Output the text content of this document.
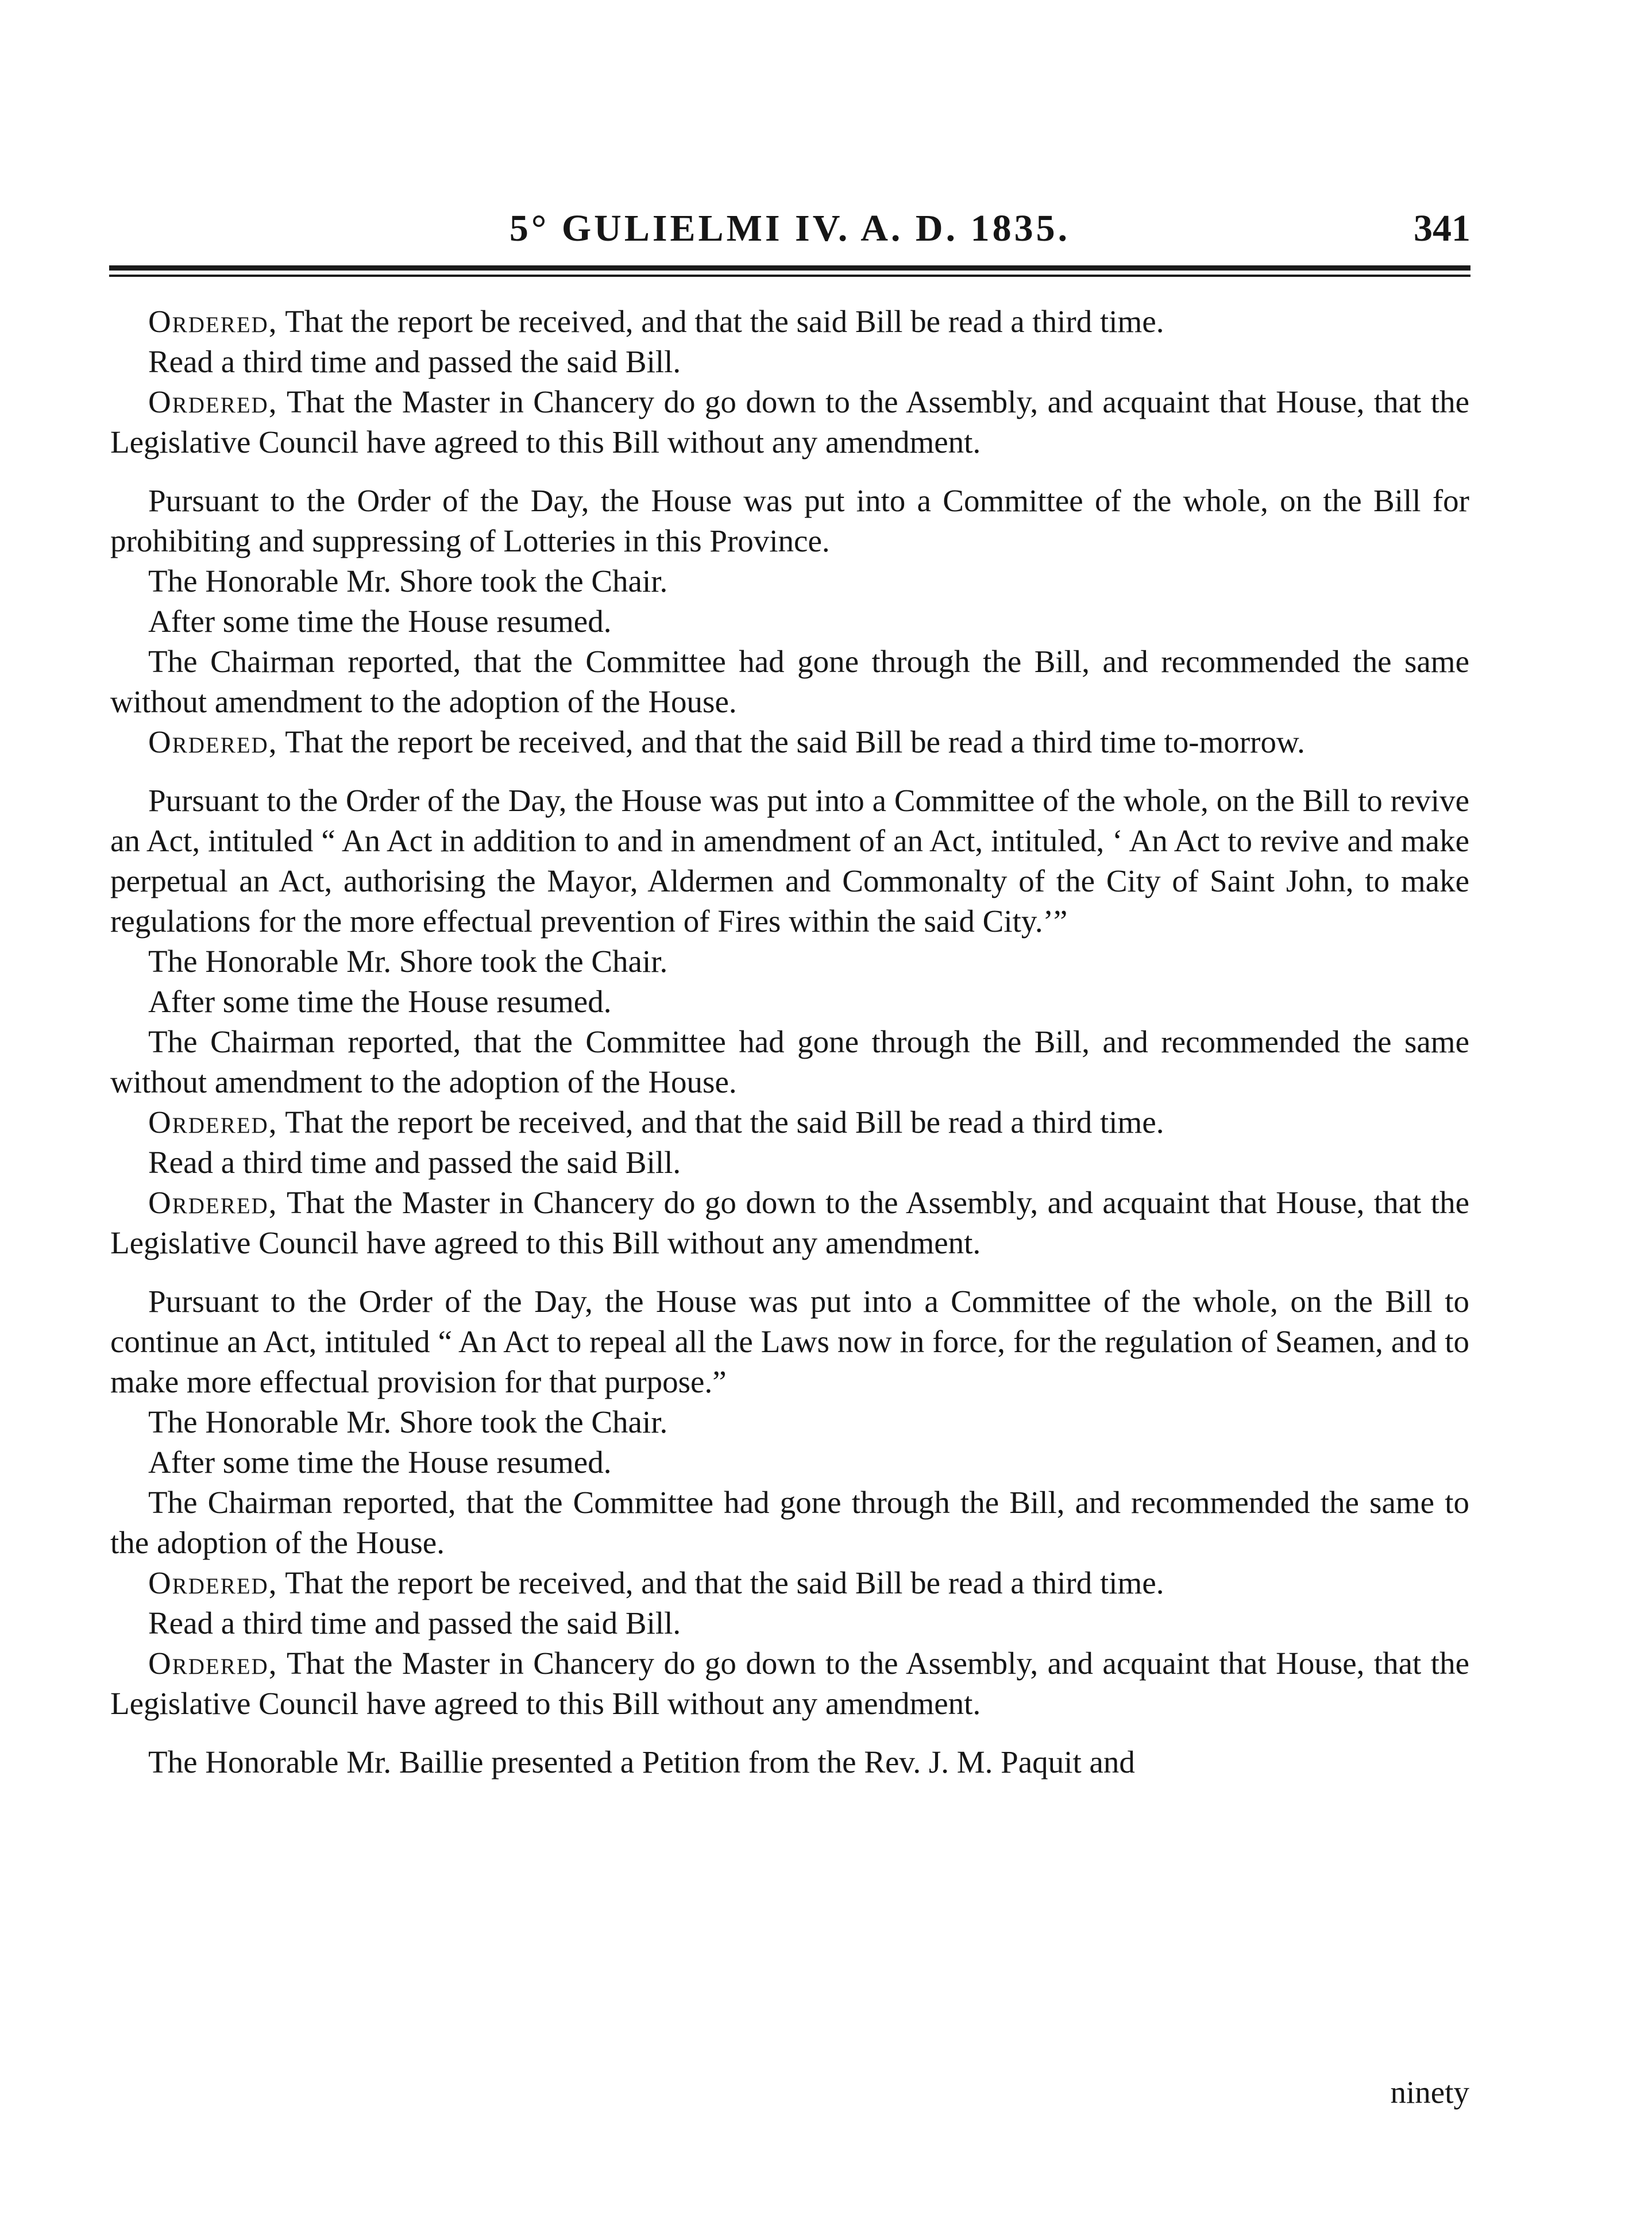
5° GULIELMI IV. A. D. 1835.	341

Ordered, That the report be received, and that the said Bill be read a third time.

Read a third time and passed the said Bill.

Ordered, That the Master in Chancery do go down to the Assembly, and acquaint that House, that the Legislative Council have agreed to this Bill without any amendment.

Pursuant to the Order of the Day, the House was put into a Committee of the whole, on the Bill for prohibiting and suppressing of Lotteries in this Province.

The Honorable Mr. Shore took the Chair.

After some time the House resumed.

The Chairman reported, that the Committee had gone through the Bill, and recommended the same without amendment to the adoption of the House.

Ordered, That the report be received, and that the said Bill be read a third time to-morrow.

Pursuant to the Order of the Day, the House was put into a Committee of the whole, on the Bill to revive an Act, intituled “ An Act in addition to and in amendment of an Act, intituled, ‘ An Act to revive and make perpetual an Act, authorising the Mayor, Aldermen and Commonalty of the City of Saint John, to make regulations for the more effectual prevention of Fires within the said City.’”

The Honorable Mr. Shore took the Chair.

After some time the House resumed.

The Chairman reported, that the Committee had gone through the Bill, and recommended the same without amendment to the adoption of the House.

Ordered, That the report be received, and that the said Bill be read a third time.

Read a third time and passed the said Bill.

Ordered, That the Master in Chancery do go down to the Assembly, and acquaint that House, that the Legislative Council have agreed to this Bill without any amendment.

Pursuant to the Order of the Day, the House was put into a Committee of the whole, on the Bill to continue an Act, intituled “ An Act to repeal all the Laws now in force, for the regulation of Seamen, and to make more effectual provision for that purpose.”

The Honorable Mr. Shore took the Chair.

After some time the House resumed.

The Chairman reported, that the Committee had gone through the Bill, and recommended the same to the adoption of the House.

Ordered, That the report be received, and that the said Bill be read a third time.

Read a third time and passed the said Bill.

Ordered, That the Master in Chancery do go down to the Assembly, and acquaint that House, that the Legislative Council have agreed to this Bill without any amendment.

The Honorable Mr. Baillie presented a Petition from the Rev. J. M. Paquit and

ninety
